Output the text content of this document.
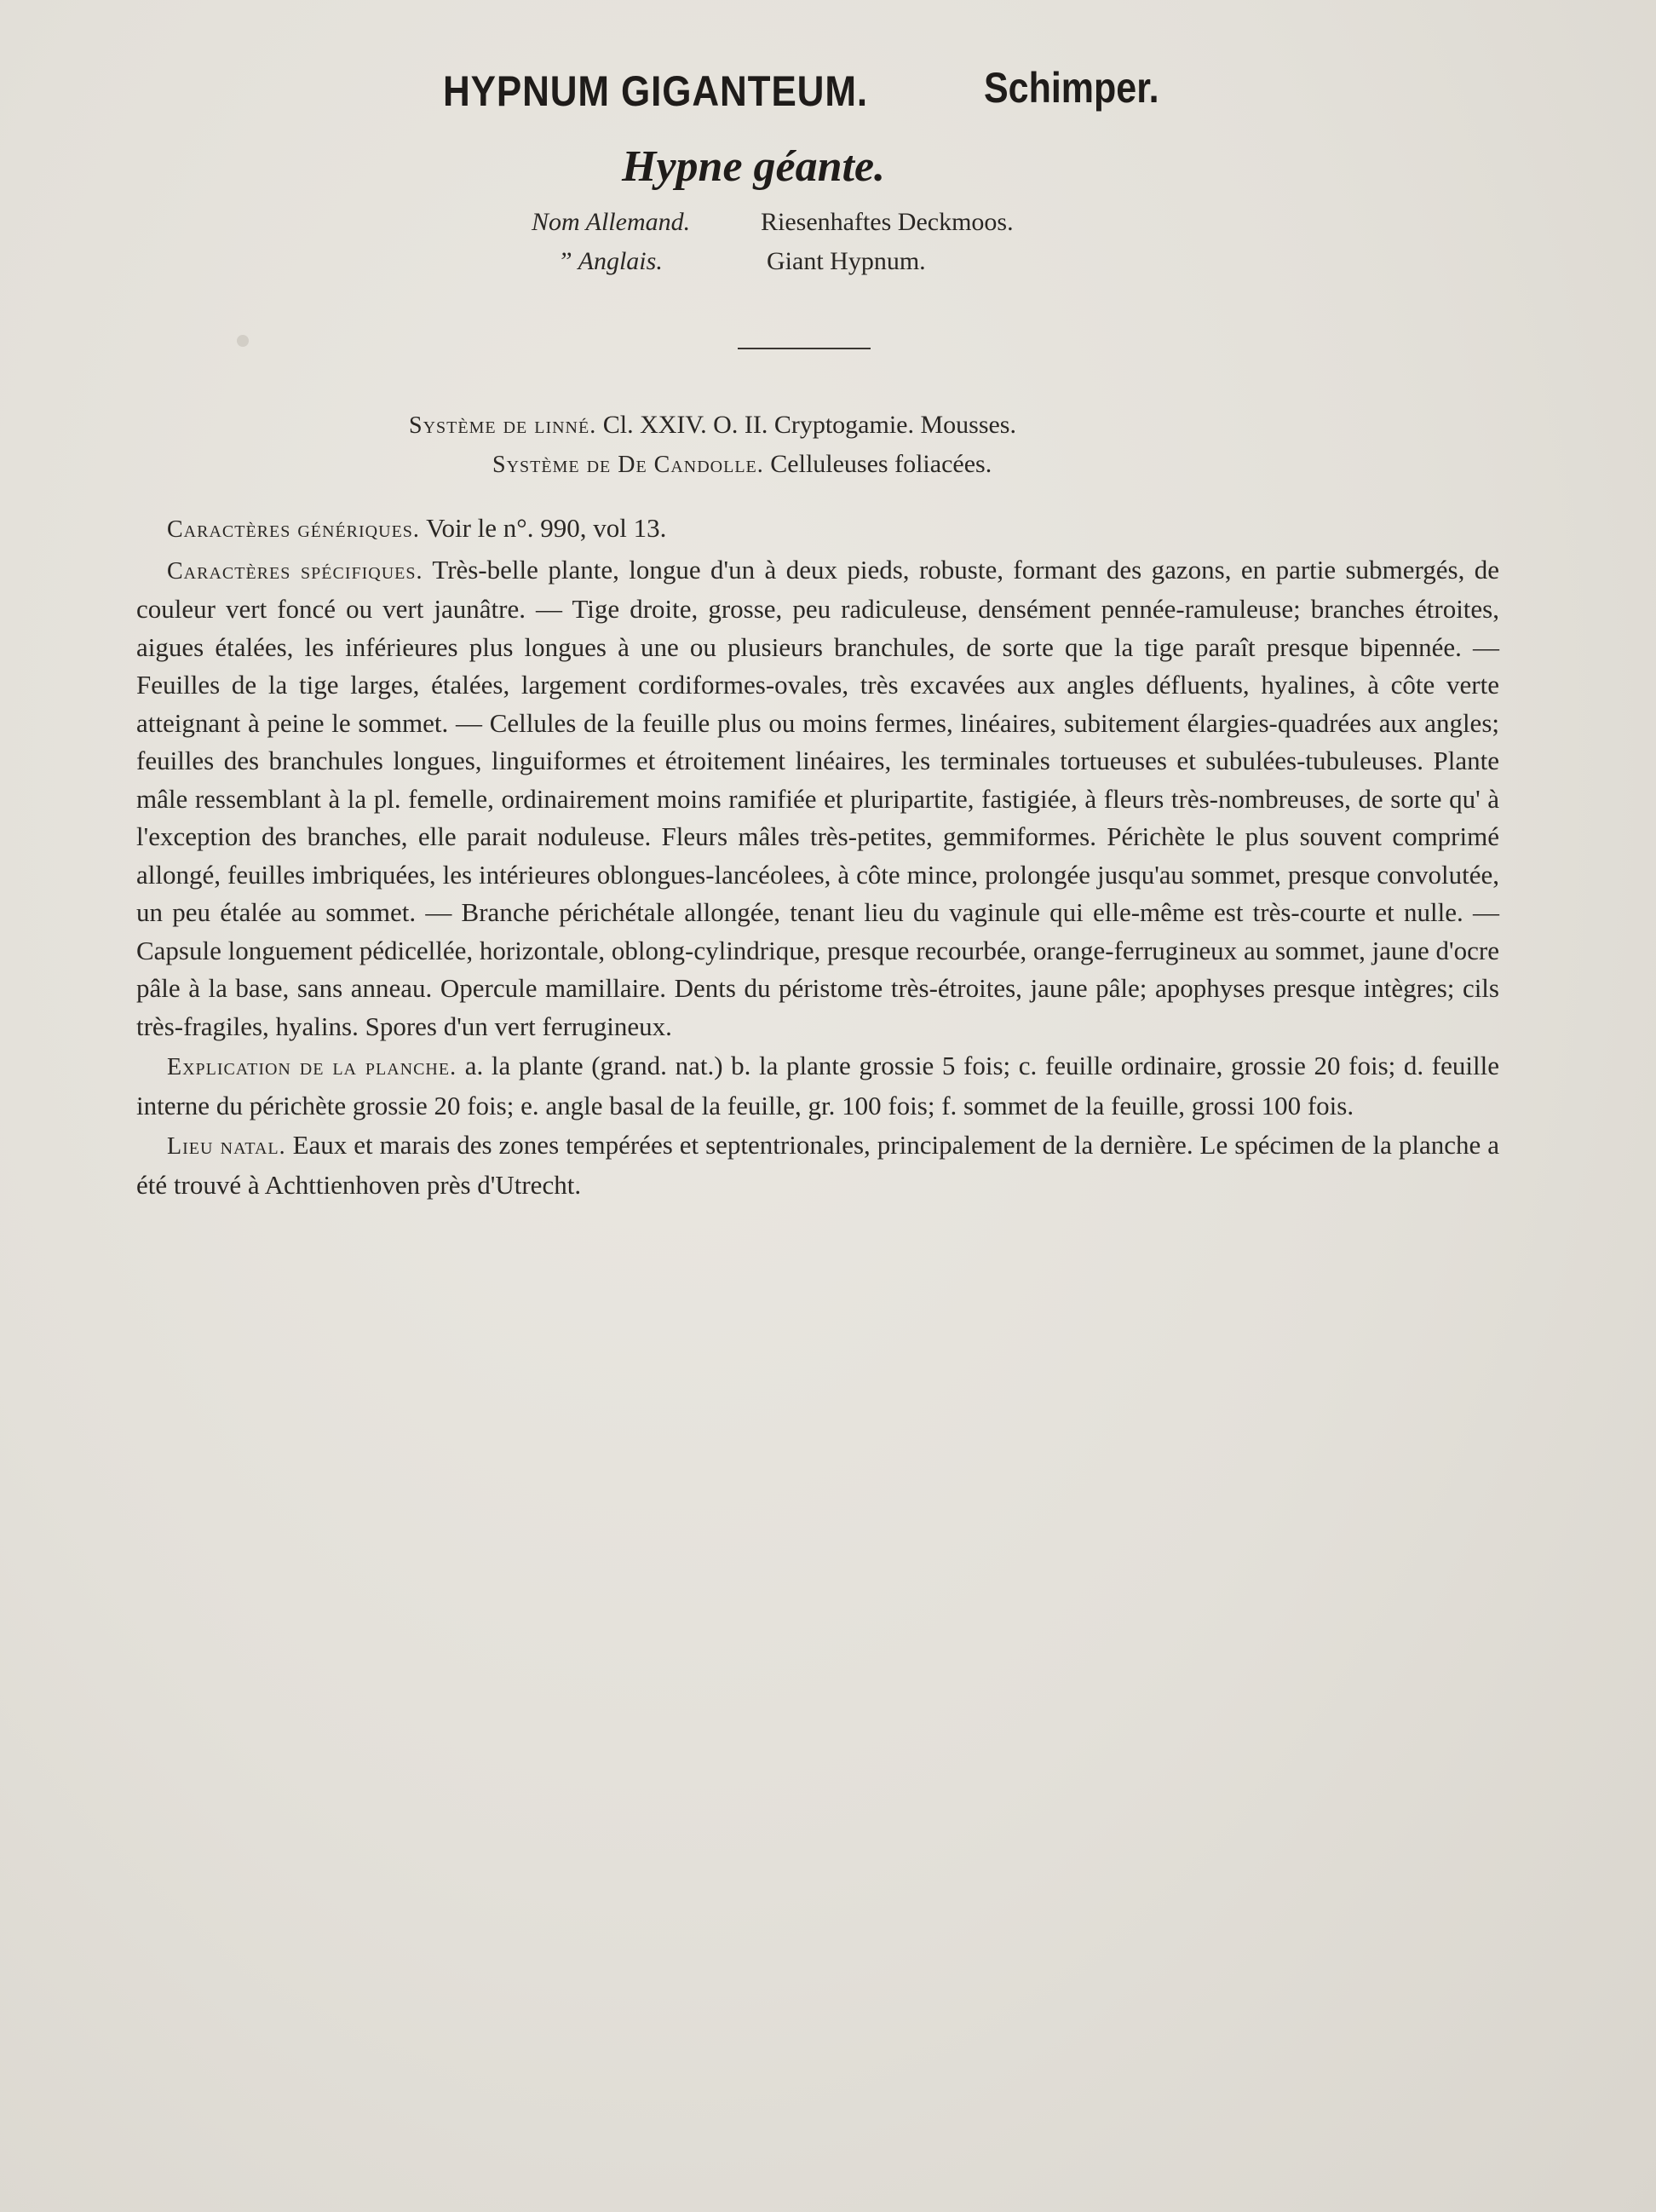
HYPNUM GIGANTEUM.	Schimper.
Hypne géante.
Nom Allemand.	Riesenhaftes Deckmoos.
” Anglais.	Giant Hypnum.
Système de linné. Cl. XXIV. O. II. Cryptogamie. Mousses.
Système de De Candolle. Celluleuses foliacées.

Caractères génériques. Voir le n°. 990, vol 13.

Caractères spécifiques. Très-belle plante, longue d'un à deux pieds, robuste, formant des gazons, en partie submergés, de couleur vert foncé ou vert jaunâtre. — Tige droite, grosse, peu radiculeuse, densément pennée-ramuleuse; branches étroites, aigues étalées, les inférieures plus longues à une ou plusieurs branchules, de sorte que la tige paraît presque bipennée. — Feuilles de la tige larges, étalées, largement cordiformes-ovales, très excavées aux angles défluents, hyalines, à côte verte atteignant à peine le sommet. — Cellules de la feuille plus ou moins fermes, linéaires, subitement élargies-quadrées aux angles; feuilles des branchules longues, linguiformes et étroitement linéaires, les terminales tortueuses et subulées-tubuleuses. Plante mâle ressemblant à la pl. femelle, ordinairement moins ramifiée et pluripartite, fastigiée, à fleurs très-nombreuses, de sorte qu' à l'exception des branches, elle parait noduleuse. Fleurs mâles très-petites, gemmiformes. Périchète le plus souvent comprimé allongé, feuilles imbriquées, les intérieures oblongues-lancéolees, à côte mince, prolongée jusqu'au sommet, presque convolutée, un peu étalée au sommet. — Branche périchétale allongée, tenant lieu du vaginule qui elle-même est très-courte et nulle. — Capsule longuement pédicellée, horizontale, oblong-cylindrique, presque recourbée, orange-ferrugineux au sommet, jaune d'ocre pâle à la base, sans anneau. Opercule mamillaire. Dents du péristome très-étroites, jaune pâle; apophyses presque intègres; cils très-fragiles, hyalins. Spores d'un vert ferrugineux.

Explication de la planche. a. la plante (grand. nat.) b. la plante grossie 5 fois; c. feuille ordinaire, grossie 20 fois; d. feuille interne du périchète grossie 20 fois; e. angle basal de la feuille, gr. 100 fois; f. sommet de la feuille, grossi 100 fois.

Lieu natal. Eaux et marais des zones tempérées et septentrionales, principalement de la dernière. Le spécimen de la planche a été trouvé à Achttienhoven près d'Utrecht.
